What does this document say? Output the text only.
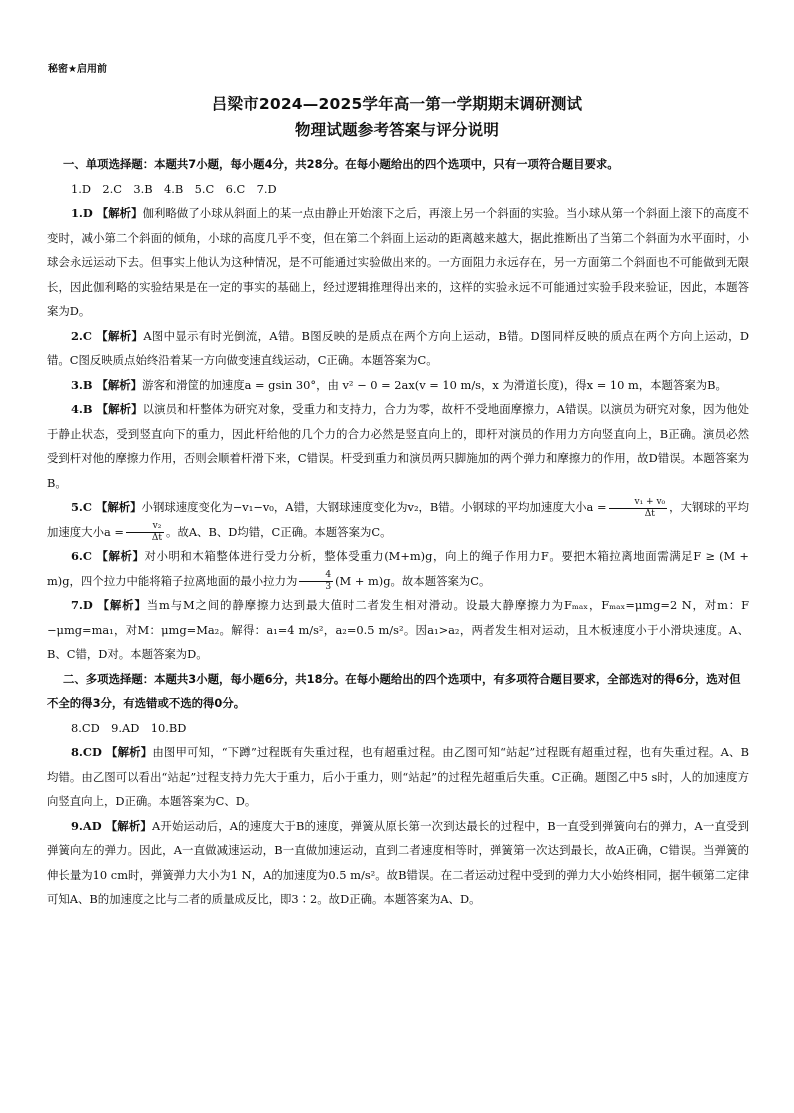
秘密★启用前
吕梁市2024—2025学年高一第一学期期末调研测试
物理试题参考答案与评分说明

一、单项选择题：本题共7小题，每小题4分，共28分。在每小题给出的四个选项中，只有一项符合题目要求。

1.D　2.C　3.B　4.B　5.C　6.C　7.D

1.D 【解析】伽利略做了小球从斜面上的某一点由静止开始滚下之后，再滚上另一个斜面的实验。当小球从第一个斜面上滚下的高度不变时，减小第二个斜面的倾角，小球的高度几乎不变，但在第二个斜面上运动的距离越来越大，据此推断出了当第二个斜面为水平面时，小球会永远运动下去。但事实上他认为这种情况，是不可能通过实验做出来的。一方面阻力永远存在，另一方面第二个斜面也不可能做到无限长，因此伽利略的实验结果是在一定的事实的基础上，经过逻辑推理得出来的，这样的实验永远不可能通过实验手段来验证，因此，本题答案为D。

2.C 【解析】A图中显示有时光倒流，A错。B图反映的是质点在两个方向上运动，B错。D图同样反映的质点在两个方向上运动，D错。C图反映质点始终沿着某一方向做变速直线运动，C正确。本题答案为C。

3.B 【解析】游客和滑筐的加速度a = gsin 30°，由 v² − 0 = 2ax(v = 10 m/s，x 为滑道长度)，得x = 10 m，本题答案为B。

4.B 【解析】以演员和杆整体为研究对象，受重力和支持力，合力为零，故杆不受地面摩擦力，A错误。以演员为研究对象，因为他处于静止状态，受到竖直向下的重力，因此杆给他的几个力的合力必然是竖直向上的，即杆对演员的作用力方向竖直向上，B正确。演员必然受到杆对他的摩擦力作用，否则会顺着杆滑下来，C错误。杆受到重力和演员两只脚施加的两个弹力和摩擦力的作用，故D错误。本题答案为B。

5.C 【解析】小钢球速度变化为−v₁−v₀，A错，大钢球速度变化为v₂，B错。小钢球的平均加速度大小$a = \frac{\text{v₁ + v₀}}{\Delta t}$ ，大钢球的平均加速度大小$a = \frac{\text{v₂}}{\Delta t}$ 。故A、B、D均错，C正确。本题答案为C。

6.C 【解析】对小明和木箱整体进行受力分析，整体受重力(M+m)g，向上的绳子作用力F。要把木箱拉离地面需满足F ≥ (M + m)g，四个拉力中能将箱子拉离地面的最小拉力为 $\frac{4}{3} (M + m)g$。故本题答案为C。

7.D 【解析】当m与M之间的静摩擦力达到最大值时二者发生相对滑动。设最大静摩擦力为Fₘₐₓ，Fₘₐₓ=μmg=2 N，对m：F −μmg=ma₁，对M：μmg=Ma₂。解得：a₁=4 m/s²，a₂=0.5 m/s²。因a₁>a₂，两者发生相对运动，且木板速度小于小滑块速度。A、B、C错，D对。本题答案为D。

二、多项选择题：本题共3小题，每小题6分，共18分。在每小题给出的四个选项中，有多项符合题目要求，全部选对的得6分，选对但不全的得3分，有选错或不选的得0分。

8.CD　9.AD　10.BD

8.CD 【解析】由图甲可知，“下蹲”过程既有失重过程，也有超重过程。由乙图可知“站起”过程既有超重过程，也有失重过程。A、B均错。由乙图可以看出“站起”过程支持力先大于重力，后小于重力，则“站起”的过程先超重后失重。C正确。题图乙中5 s时，人的加速度方向竖直向上，D正确。本题答案为C、D。

9.AD 【解析】A开始运动后，A的速度大于B的速度，弹簧从原长第一次到达最长的过程中，B一直受到弹簧向右的弹力，A一直受到弹簧向左的弹力。因此，A一直做减速运动，B一直做加速运动，直到二者速度相等时，弹簧第一次达到最长，故A正确，C错误。当弹簧的伸长量为10 cm时，弹簧弹力大小为1 N，A的加速度为0.5 m/s²。故B错误。在二者运动过程中受到的弹力大小始终相同，据牛顿第二定律可知A、B的加速度之比与二者的质量成反比，即3∶2。故D正确。本题答案为A、D。
